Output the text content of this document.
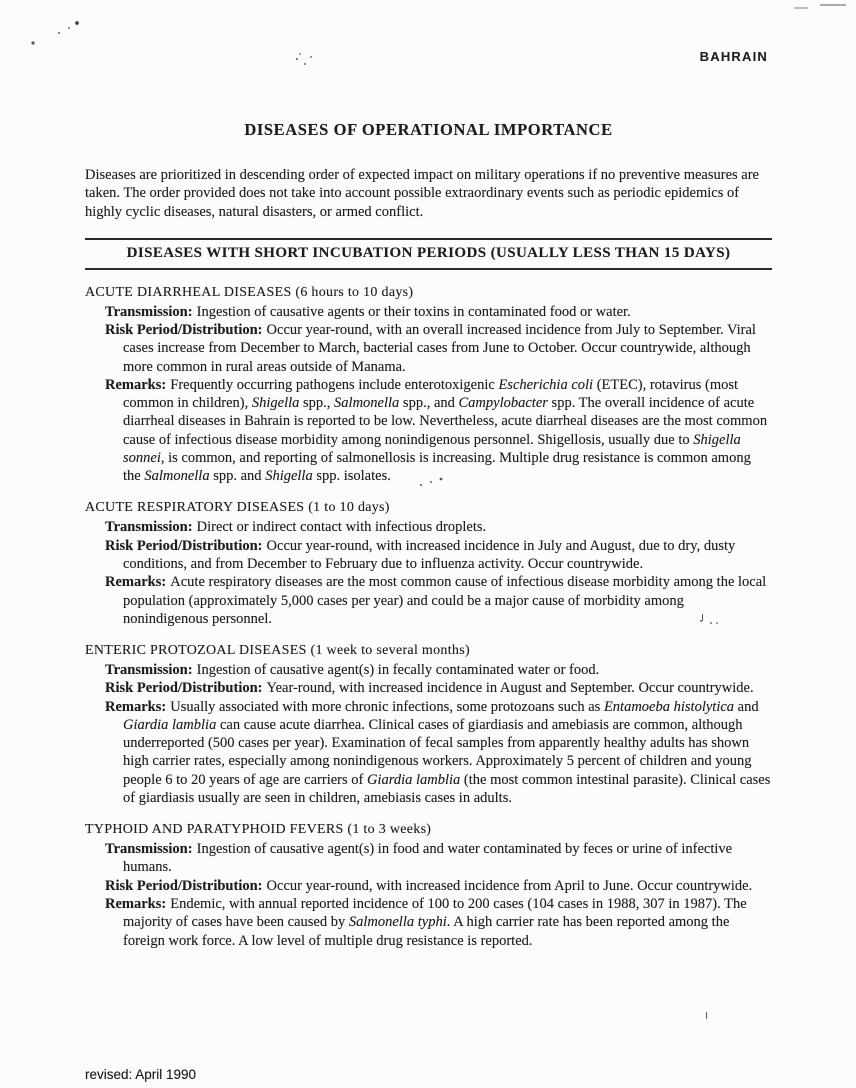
BAHRAIN
DISEASES OF OPERATIONAL IMPORTANCE

Diseases are prioritized in descending order of expected impact on military operations if no preventive measures are taken. The order provided does not take into account possible extraordinary events such as periodic epidemics of highly cyclic diseases, natural disasters, or armed conflict.

DISEASES WITH SHORT INCUBATION PERIODS (USUALLY LESS THAN 15 DAYS)
ACUTE DIARRHEAL DISEASES (6 hours to 10 days)

Transmission: Ingestion of causative agents or their toxins in contaminated food or water.

Risk Period/Distribution: Occur year-round, with an overall increased incidence from July to September. Viral cases increase from December to March, bacterial cases from June to October. Occur countrywide, although more common in rural areas outside of Manama.

Remarks: Frequently occurring pathogens include enterotoxigenic Escherichia coli (ETEC), rotavirus (most common in children), Shigella spp., Salmonella spp., and Campylobacter spp. The overall incidence of acute diarrheal diseases in Bahrain is reported to be low. Nevertheless, acute diarrheal diseases are the most common cause of infectious disease morbidity among nonindigenous personnel. Shigellosis, usually due to Shigella sonnei, is common, and reporting of salmonellosis is increasing. Multiple drug resistance is common among the Salmonella spp. and Shigella spp. isolates.

ACUTE RESPIRATORY DISEASES (1 to 10 days)

Transmission: Direct or indirect contact with infectious droplets.

Risk Period/Distribution: Occur year-round, with increased incidence in July and August, due to dry, dusty conditions, and from December to February due to influenza activity. Occur countrywide.

Remarks: Acute respiratory diseases are the most common cause of infectious disease morbidity among the local population (approximately 5,000 cases per year) and could be a major cause of morbidity among nonindigenous personnel.

ENTERIC PROTOZOAL DISEASES (1 week to several months)

Transmission: Ingestion of causative agent(s) in fecally contaminated water or food.

Risk Period/Distribution: Year-round, with increased incidence in August and September. Occur countrywide.

Remarks: Usually associated with more chronic infections, some protozoans such as Entamoeba histolytica and Giardia lamblia can cause acute diarrhea. Clinical cases of giardiasis and amebiasis are common, although underreported (500 cases per year). Examination of fecal samples from apparently healthy adults has shown high carrier rates, especially among nonindigenous workers. Approximately 5 percent of children and young people 6 to 20 years of age are carriers of Giardia lamblia (the most common intestinal parasite). Clinical cases of giardiasis usually are seen in children, amebiasis cases in adults.

TYPHOID AND PARATYPHOID FEVERS (1 to 3 weeks)

Transmission: Ingestion of causative agent(s) in food and water contaminated by feces or urine of infective humans.

Risk Period/Distribution: Occur year-round, with increased incidence from April to June. Occur countrywide.

Remarks: Endemic, with annual reported incidence of 100 to 200 cases (104 cases in 1988, 307 in 1987). The majority of cases have been caused by Salmonella typhi. A high carrier rate has been reported among the foreign work force. A low level of multiple drug resistance is reported.

revised: April 1990
